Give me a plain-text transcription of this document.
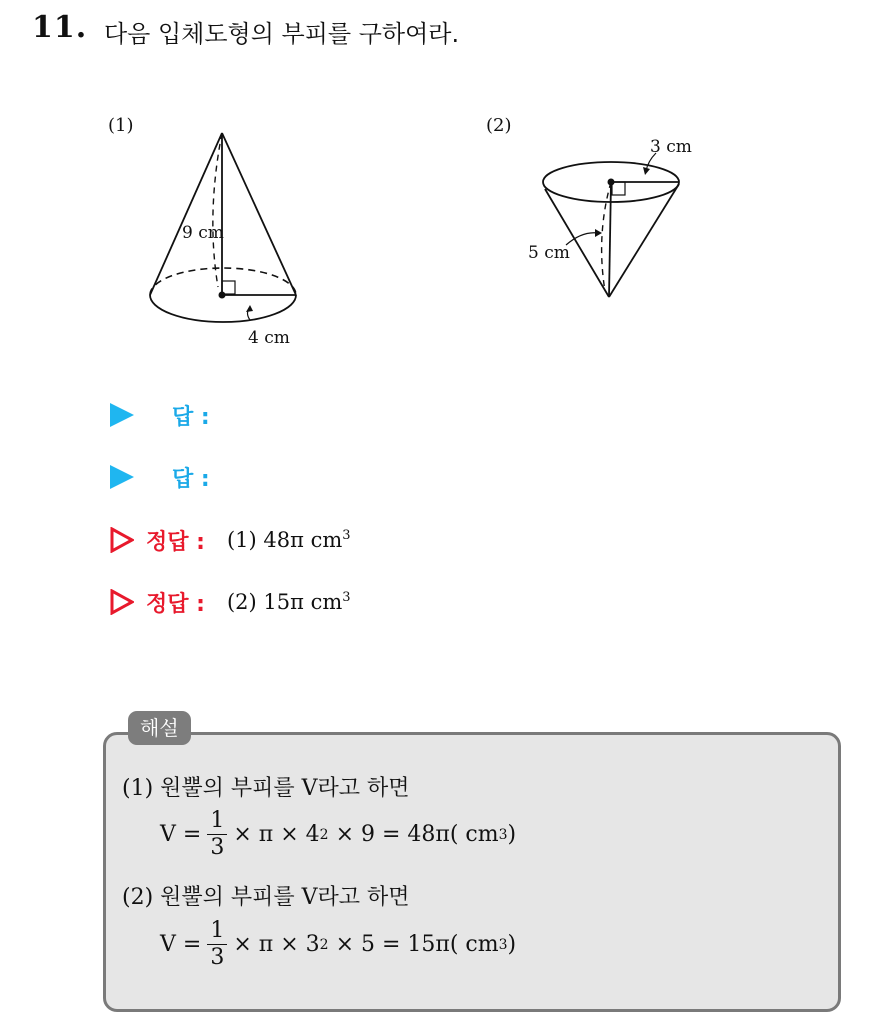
11. 다음 입체도형의 부피를 구하여라.
(1)
9 cm
4 cm
(2)
3 cm
5 cm
답 :
답 :
정답 : (1) 48π $cm^3$
정답 : (2) 15π $cm^3$
해설
(1) 원뿔의 부피를 V라고 하면
$V = \frac{1}{3} \times \pi \times 4$ 2
× 9 = 48π( cm 3 )
(2) 원뿔의 부피를 V라고 하면
$V = \frac{1}{3} \times \pi \times 3$ 2
× 5 = 15π( cm 3 )
